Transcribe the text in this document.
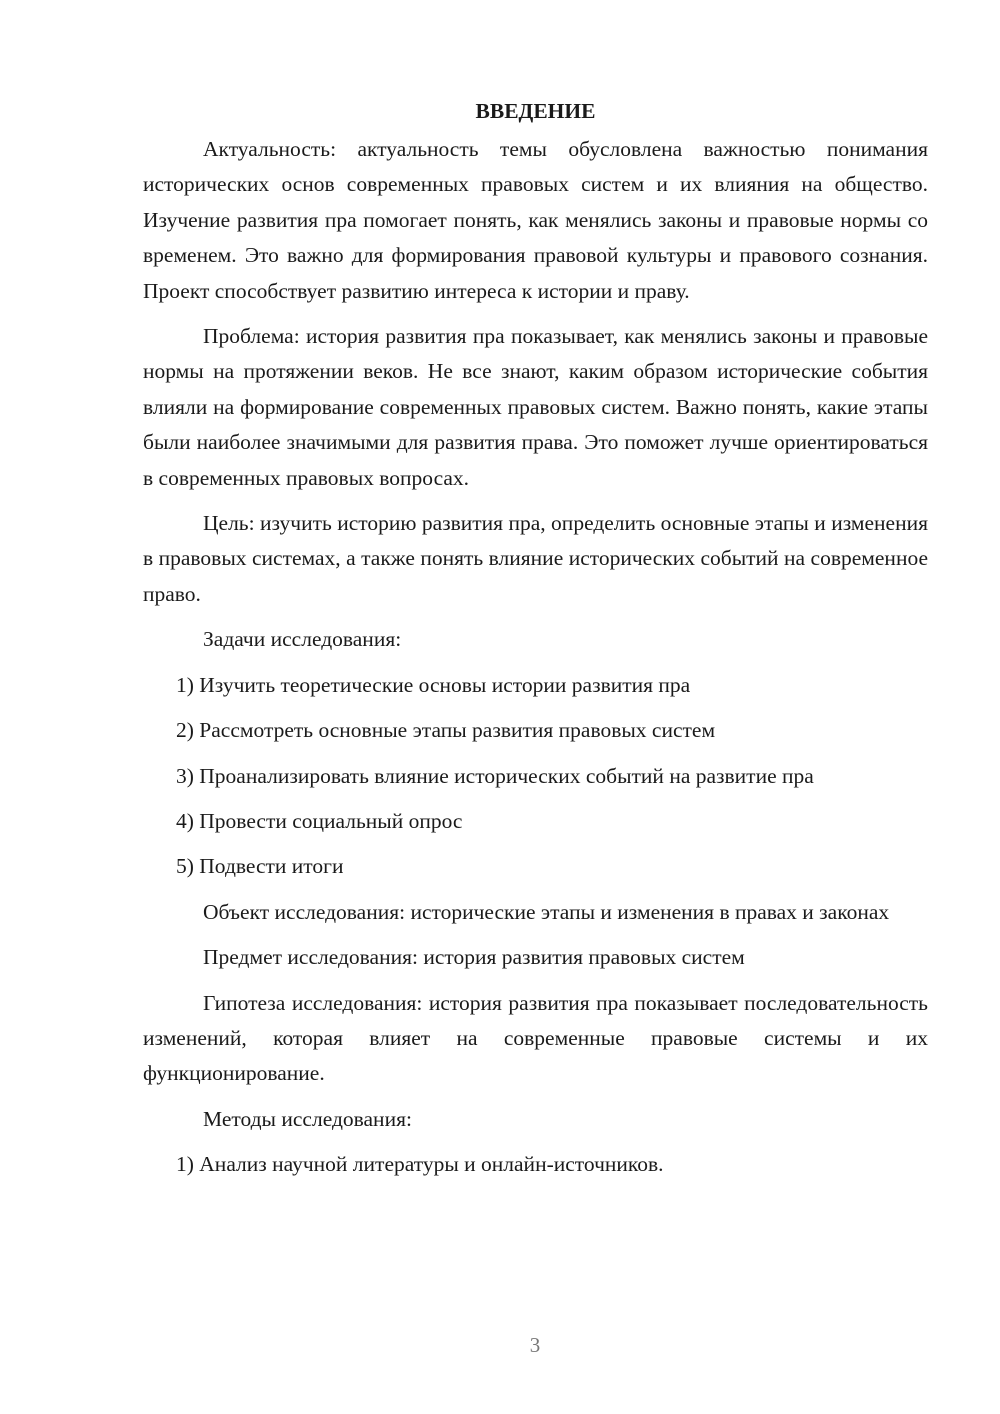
ВВЕДЕНИЕ

Актуальность: актуальность темы обусловлена важностью понимания исторических основ современных правовых систем и их влияния на общество. Изучение развития пра помогает понять, как менялись законы и правовые нормы со временем. Это важно для формирования правовой культуры и правового сознания. Проект способствует развитию интереса к истории и праву.

Проблема: история развития пра показывает, как менялись законы и правовые нормы на протяжении веков. Не все знают, каким образом исторические события влияли на формирование современных правовых систем. Важно понять, какие этапы были наиболее значимыми для развития права. Это поможет лучше ориентироваться в современных правовых вопросах.

Цель: изучить историю развития пра, определить основные этапы и изменения в правовых системах, а также понять влияние исторических событий на современное право.

Задачи исследования:

1) Изучить теоретические основы истории развития пра

2) Рассмотреть основные этапы развития правовых систем

3) Проанализировать влияние исторических событий на развитие пра

4) Провести социальный опрос

5) Подвести итоги

Объект исследования: исторические этапы и изменения в правах и законах

Предмет исследования: история развития правовых систем

Гипотеза исследования: история развития пра показывает последовательность изменений, которая влияет на современные правовые системы и их функционирование.

Методы исследования:

1) Анализ научной литературы и онлайн-источников.

3
